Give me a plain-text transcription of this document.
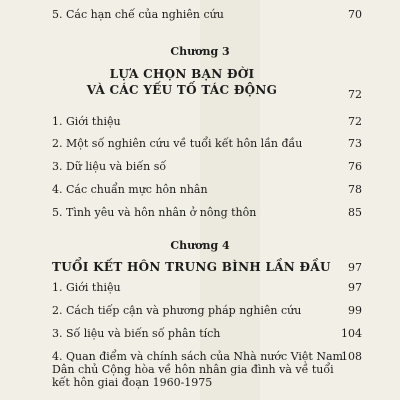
5. Các hạn chế của nghiên cứu	70
Chương 3
LỰA CHỌN BẠN ĐỜI
VÀ CÁC YẾU TỐ TÁC ĐỘNG	72
1. Giới thiệu	72
2. Một số nghiên cứu về tuổi kết hôn lần đầu	73
3. Dữ liệu và biến số	76
4. Các chuẩn mực hôn nhân	78
5. Tình yêu và hôn nhân ở nông thôn	85
Chương 4
TUỔI KẾT HÔN TRUNG BÌNH LẦN ĐẦU	97
1. Giới thiệu	97
2. Cách tiếp cận và phương pháp nghiên cứu	99
3. Số liệu và biến số phân tích	104
4. Quan điểm và chính sách của Nhà nước Việt Nam
Dân chủ Cộng hòa về hôn nhân gia đình và về tuổi
kết hôn giai đoạn 1960-1975
108
